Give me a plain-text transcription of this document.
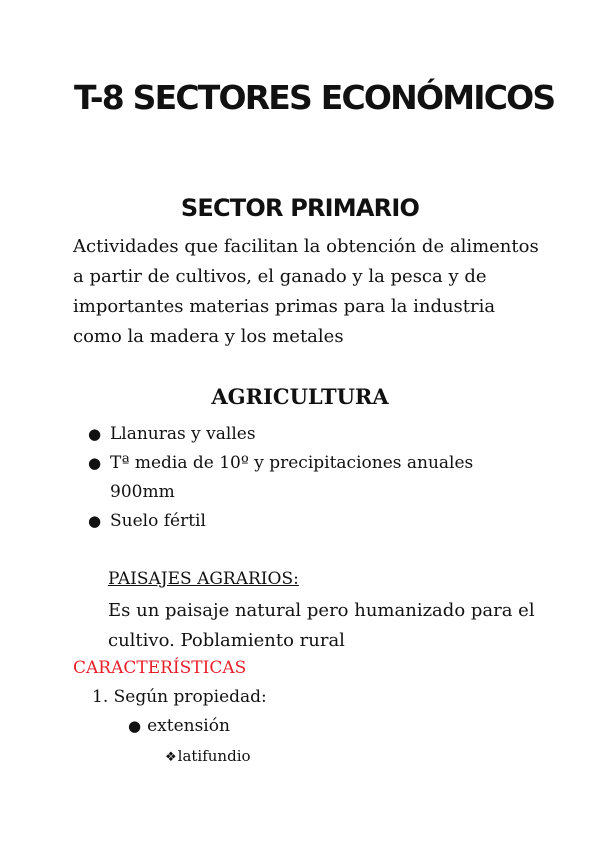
T-8 SECTORES ECONÓMICOS
SECTOR PRIMARIO

Actividades que facilitan la obtención de alimentos a partir de cultivos, el ganado y la pesca y de importantes materias primas para la industria como la madera y los metales

AGRICULTURA
● Llanuras y valles
● Tª media de 10º y precipitaciones anuales 900mm
● Suelo fértil

PAISAJES AGRARIOS:

Es un paisaje natural pero humanizado para el cultivo. Poblamiento rural

CARACTERÍSTICAS

1. Según propiedad:

● extensión

❖latifundio
